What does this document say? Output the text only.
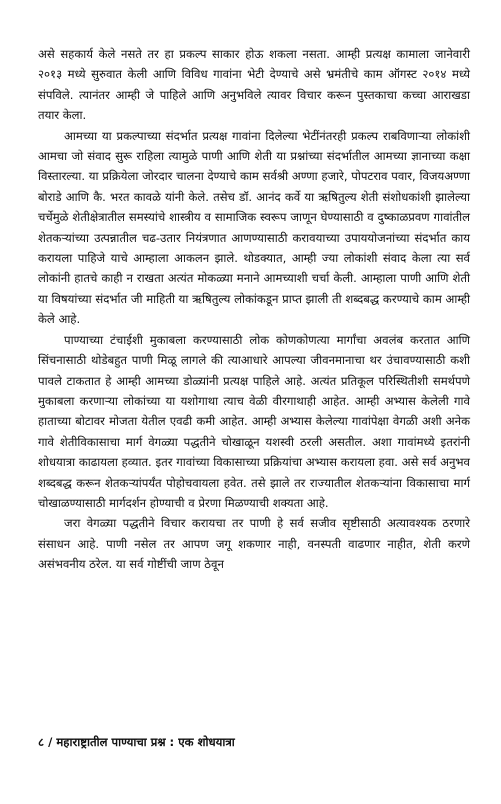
असे सहकार्य केले नसते तर हा प्रकल्प साकार होऊ शकला नसता. आम्ही प्रत्यक्ष कामाला जानेवारी २०१३ मध्ये सुरुवात केली आणि विविध गावांना भेटी देण्याचे असे भ्रमंतीचे काम ऑगस्ट २०१४ मध्ये संपविले. त्यानंतर आम्ही जे पाहिले आणि अनुभविले त्यावर विचार करून पुस्तकाचा कच्चा आराखडा तयार केला.

आमच्या या प्रकल्पाच्या संदर्भात प्रत्यक्ष गावांना दिलेल्या भेटींनंतरही प्रकल्प राबविणाऱ्या लोकांशी आमचा जो संवाद सुरू राहिला त्यामुळे पाणी आणि शेती या प्रश्नांच्या संदर्भातील आमच्या ज्ञानाच्या कक्षा विस्तारल्या. या प्रक्रियेला जोरदार चालना देण्याचे काम सर्वश्री अण्णा हजारे, पोपटराव पवार, विजयअण्णा बोराडे आणि कै. भरत कावळे यांनी केले. तसेच डॉ. आनंद कर्वे या ऋषितुल्य शेती संशोधकांशी झालेल्या चर्चेमुळे शेतीक्षेत्रातील समस्यांचे शास्त्रीय व सामाजिक स्वरूप जाणून घेण्यासाठी व दुष्काळप्रवण गावांतील शेतकऱ्यांच्या उत्पन्नातील चढ-उतार नियंत्रणात आणण्यासाठी करावयाच्या उपाययोजनांच्या संदर्भात काय करायला पाहिजे याचे आम्हाला आकलन झाले. थोडक्यात, आम्ही ज्या लोकांशी संवाद केला त्या सर्व लोकांनी हातचे काही न राखता अत्यंत मोकळ्या मनाने आमच्याशी चर्चा केली. आम्हाला पाणी आणि शेती या विषयांच्या संदर्भात जी माहिती या ऋषितुल्य लोकांकडून प्राप्त झाली ती शब्दबद्ध करण्याचे काम आम्ही केले आहे.

पाण्याच्या टंचाईशी मुकाबला करण्यासाठी लोक कोणकोणत्या मार्गांचा अवलंब करतात आणि सिंचनासाठी थोडेबहुत पाणी मिळू लागले की त्याआधारे आपल्या जीवनमानाचा थर उंचावण्यासाठी कशी पावले टाकतात हे आम्ही आमच्या डोळ्यांनी प्रत्यक्ष पाहिले आहे. अत्यंत प्रतिकूल परिस्थितीशी समर्थपणे मुकाबला करणाऱ्या लोकांच्या या यशोगाथा त्याच वेळी वीरगाथाही आहेत. आम्ही अभ्यास केलेली गावे हाताच्या बोटावर मोजता येतील एवढी कमी आहेत. आम्ही अभ्यास केलेल्या गावांपेक्षा वेगळी अशी अनेक गावे शेतीविकासाचा मार्ग वेगळ्या पद्धतीने चोखाळून यशस्वी ठरली असतील. अशा गावांमध्ये इतरांनी शोधयात्रा काढायला हव्यात. इतर गावांच्या विकासाच्या प्रक्रियांचा अभ्यास करायला हवा. असे सर्व अनुभव शब्दबद्ध करून शेतकऱ्यांपर्यंत पोहोचवायला हवेत. तसे झाले तर राज्यातील शेतकऱ्यांना विकासाचा मार्ग चोखाळण्यासाठी मार्गदर्शन होण्याची व प्रेरणा मिळण्याची शक्यता आहे.

जरा वेगळ्या पद्धतीने विचार करायचा तर पाणी हे सर्व सजीव सृष्टीसाठी अत्यावश्यक ठरणारे संसाधन आहे. पाणी नसेल तर आपण जगू शकणार नाही, वनस्पती वाढणार नाहीत, शेती करणे असंभवनीय ठरेल. या सर्व गोष्टींची जाण ठेवून

८ / महाराष्ट्रातील पाण्याचा प्रश्न : एक शोधयात्रा
